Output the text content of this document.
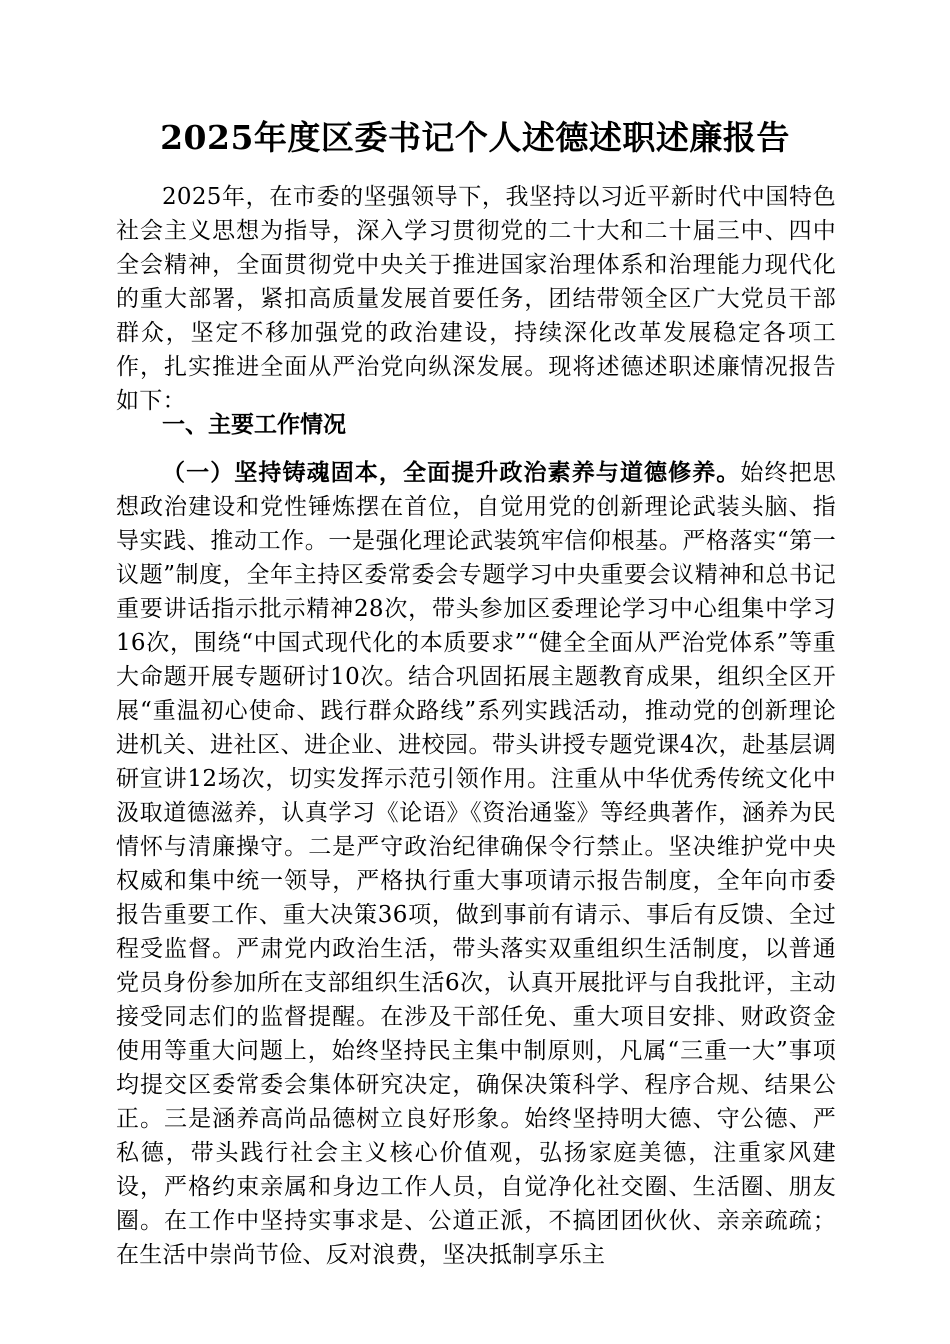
2025年度区委书记个人述德述职述廉报告

2025年，在市委的坚强领导下，我坚持以习近平新时代中国特色社会主义思想为指导，深入学习贯彻党的二十大和二十届三中、四中全会精神，全面贯彻党中央关于推进国家治理体系和治理能力现代化的重大部署，紧扣高质量发展首要任务，团结带领全区广大党员干部群众，坚定不移加强党的政治建设，持续深化改革发展稳定各项工作，扎实推进全面从严治党向纵深发展。现将述德述职述廉情况报告如下：

一、主要工作情况

（一）坚持铸魂固本，全面提升政治素养与道德修养。始终把思想政治建设和党性锤炼摆在首位，自觉用党的创新理论武装头脑、指导实践、推动工作。一是强化理论武装筑牢信仰根基。严格落实“第一议题”制度，全年主持区委常委会专题学习中央重要会议精神和总书记重要讲话指示批示精神28次，带头参加区委理论学习中心组集中学习16次，围绕“中国式现代化的本质要求”“健全全面从严治党体系”等重大命题开展专题研讨10次。结合巩固拓展主题教育成果，组织全区开展“重温初心使命、践行群众路线”系列实践活动，推动党的创新理论进机关、进社区、进企业、进校园。带头讲授专题党课4次，赴基层调研宣讲12场次，切实发挥示范引领作用。注重从中华优秀传统文化中汲取道德滋养，认真学习《论语》《资治通鉴》等经典著作，涵养为民情怀与清廉操守。二是严守政治纪律确保令行禁止。坚决维护党中央权威和集中统一领导，严格执行重大事项请示报告制度，全年向市委报告重要工作、重大决策36项，做到事前有请示、事后有反馈、全过程受监督。严肃党内政治生活，带头落实双重组织生活制度，以普通党员身份参加所在支部组织生活6次，认真开展批评与自我批评，主动接受同志们的监督提醒。在涉及干部任免、重大项目安排、财政资金使用等重大问题上，始终坚持民主集中制原则，凡属“三重一大”事项均提交区委常委会集体研究决定，确保决策科学、程序合规、结果公正。三是涵养高尚品德树立良好形象。始终坚持明大德、守公德、严私德，带头践行社会主义核心价值观，弘扬家庭美德，注重家风建设，严格约束亲属和身边工作人员，自觉净化社交圈、生活圈、朋友圈。在工作中坚持实事求是、公道正派，不搞团团伙伙、亲亲疏疏；在生活中崇尚节俭、反对浪费，坚决抵制享乐主
